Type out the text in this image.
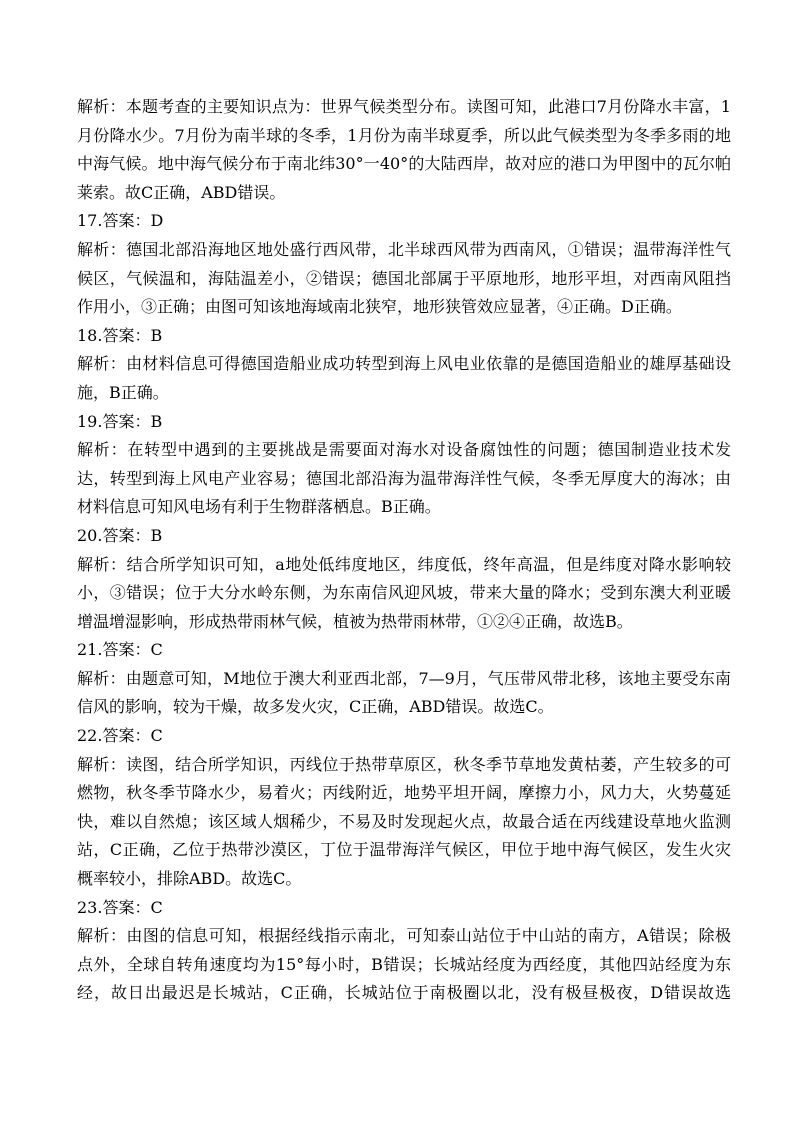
解析：本题考查的主要知识点为：世界气候类型分布。读图可知，此港口7月份降水丰富，1
月份降水少。7月份为南半球的冬季，1月份为南半球夏季，所以此气候类型为冬季多雨的地
中海气候。地中海气候分布于南北纬30°一40°的大陆西岸，故对应的港口为甲图中的瓦尔帕
莱索。故C正确，ABD错误。
17.答案：D
解析：德国北部沿海地区地处盛行西风带，北半球西风带为西南风，①错误；温带海洋性气
候区，气候温和，海陆温差小，②错误；德国北部属于平原地形，地形平坦，对西南风阻挡
作用小，③正确；由图可知该地海域南北狭窄，地形狭管效应显著，④正确。D正确。
18.答案：B
解析：由材料信息可得德国造船业成功转型到海上风电业依靠的是德国造船业的雄厚基础设
施，B正确。
19.答案：B
解析：在转型中遇到的主要挑战是需要面对海水对设备腐蚀性的问题；德国制造业技术发
达，转型到海上风电产业容易；德国北部沿海为温带海洋性气候，冬季无厚度大的海冰；由
材料信息可知风电场有利于生物群落栖息。B正确。
20.答案：B
解析：结合所学知识可知，a地处低纬度地区，纬度低，终年高温，但是纬度对降水影响较
小，③错误；位于大分水岭东侧，为东南信风迎风坡，带来大量的降水；受到东澳大利亚暖
增温增湿影响，形成热带雨林气候，植被为热带雨林带，①②④正确，故选B。
21.答案：C
解析：由题意可知，M地位于澳大利亚西北部，7—9月，气压带风带北移，该地主要受东南
信风的影响，较为干燥，故多发火灾，C正确，ABD错误。故选C。
22.答案：C
解析：读图，结合所学知识，丙线位于热带草原区，秋冬季节草地发黄枯萎，产生较多的可
燃物，秋冬季节降水少，易着火；丙线附近，地势平坦开阔，摩擦力小，风力大，火势蔓延
快，难以自然熄；该区域人烟稀少，不易及时发现起火点，故最合适在丙线建设草地火监测
站，C正确，乙位于热带沙漠区，丁位于温带海洋气候区，甲位于地中海气候区，发生火灾
概率较小，排除ABD。故选C。
23.答案：C
解析：由图的信息可知，根据经线指示南北，可知泰山站位于中山站的南方，A错误；除极
点外，全球自转角速度均为15°每小时，B错误；长城站经度为西经度，其他四站经度为东
经，故日出最迟是长城站，C正确，长城站位于南极圈以北，没有极昼极夜，D错误故选
